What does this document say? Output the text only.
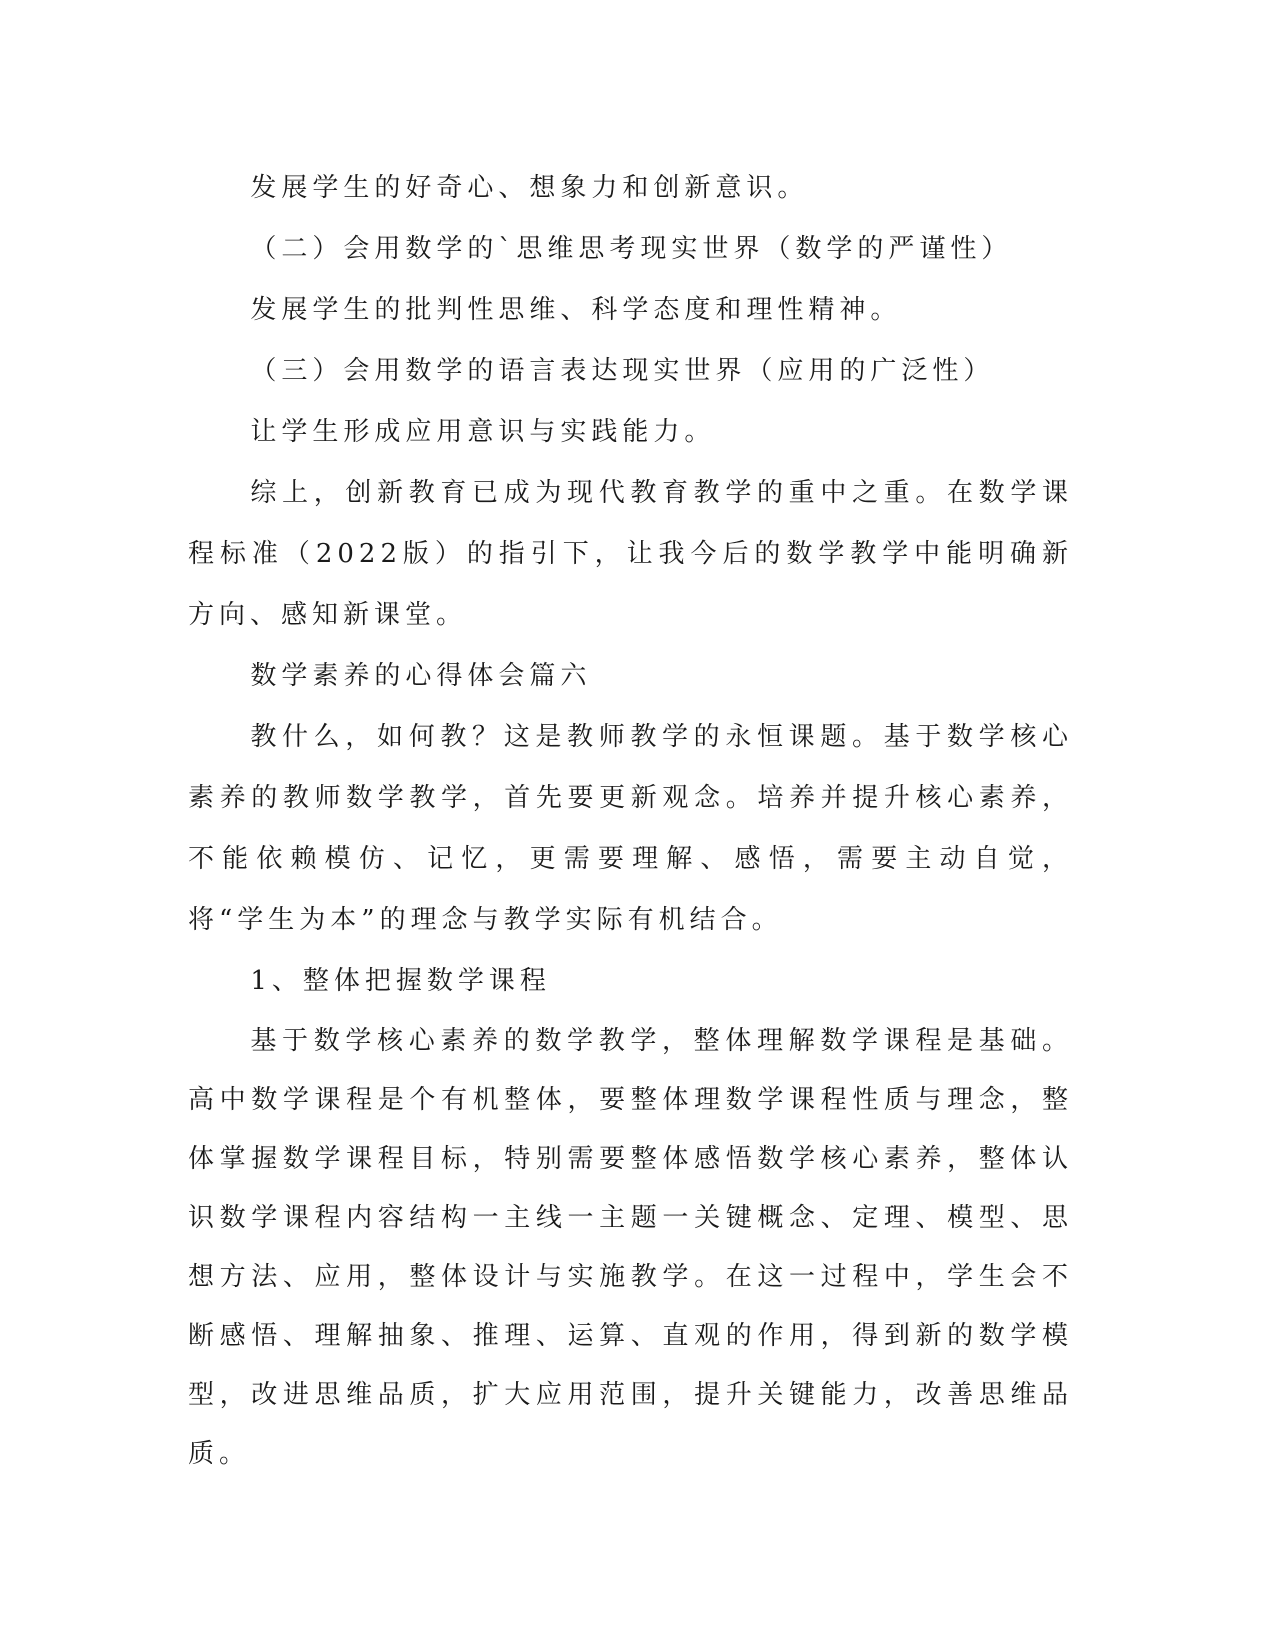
发展学生的好奇心、想象力和创新意识。

（二）会用数学的`思维思考现实世界（数学的严谨性）

发展学生的批判性思维、科学态度和理性精神。

（三）会用数学的语言表达现实世界（应用的广泛性）

让学生形成应用意识与实践能力。

综上，创新教育已成为现代教育教学的重中之重。在数学课程标准（2022版）的指引下，让我今后的数学教学中能明确新方向、感知新课堂。

数学素养的心得体会篇六

教什么，如何教？这是教师教学的永恒课题。基于数学核心素养的教师数学教学，首先要更新观念。培养并提升核心素养，不能依赖模仿、记忆，更需要理解、感悟，需要主动自觉，将“学生为本”的理念与教学实际有机结合。

1、整体把握数学课程

基于数学核心素养的数学教学，整体理解数学课程是基础。高中数学课程是个有机整体，要整体理数学课程性质与理念，整体掌握数学课程目标，特别需要整体感悟数学核心素养，整体认识数学课程内容结构一主线一主题一关键概念、定理、模型、思想方法、应用，整体设计与实施教学。在这一过程中，学生会不断感悟、理解抽象、推理、运算、直观的作用，得到新的数学模型，改进思维品质，扩大应用范围，提升关键能力，改善思维品质。
